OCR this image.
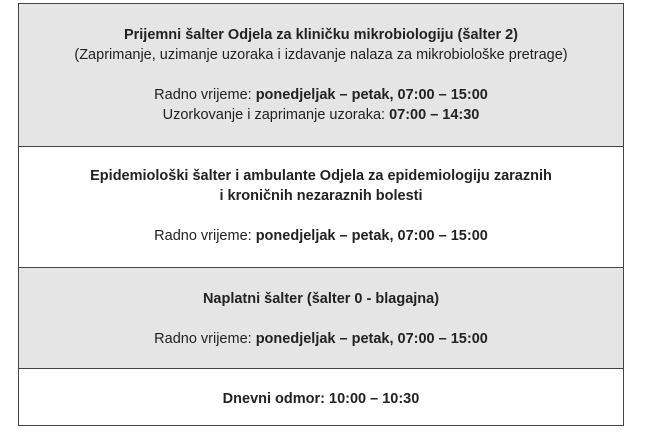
Prijemni šalter Odjela za kliničku mikrobiologiju (šalter 2)
(Zaprimanje, uzimanje uzoraka i izdavanje nalaza za mikrobiološke pretrage)
Radno vrijeme: ponedjeljak – petak, 07:00 – 15:00
Uzorkovanje i zaprimanje uzoraka: 07:00 – 14:30
Epidemiološki šalter i ambulante Odjela za epidemiologiju zaraznih
i kroničnih nezaraznih bolesti
Radno vrijeme: ponedjeljak – petak, 07:00 – 15:00
Naplatni šalter (šalter 0 - blagajna)
Radno vrijeme: ponedjeljak – petak, 07:00 – 15:00
Dnevni odmor: 10:00 – 10:30
